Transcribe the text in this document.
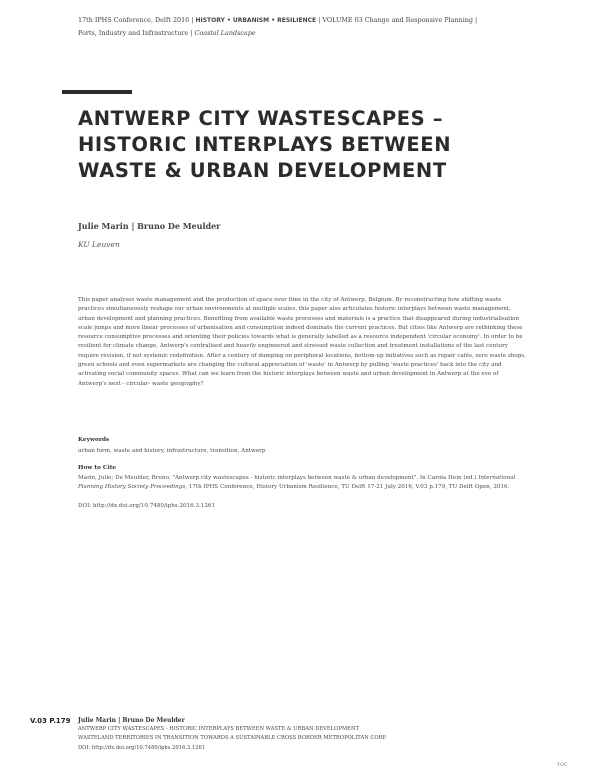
17th IPHS Conference, Delft 2016 | HISTORY • URBANISM • RESILIENCE | VOLUME 03 Change and Responsive Planning |
Ports, Industry and Infrastructure | Coastal Landscape
ANTWERP CITY WASTESCAPES –
HISTORIC INTERPLAYS BETWEEN
WASTE & URBAN DEVELOPMENT
Julie Marin | Bruno De Meulder
KU Leuven

This paper analyses waste management and the production of space over time in the city of Antwerp, Belgium. By reconstructing how shifting waste practices simultaneously reshape our urban environments at multiple scales, this paper also articulates historic interplays between waste management, urban development and planning practices. Benefiting from available waste processes and materials is a practice that disappeared during industrialisation scale jumps and more linear processes of urbanisation and consumption indeed dominate the current practices. But cities like Antwerp are rethinking these resource consumptive processes and orienting their policies towards what is generally labelled as a resource independent 'circular economy'. In order to be resilient for climate change, Antwerp's centralised and heavily engineered and stressed waste collection and treatment installations of the last century require revision, if not systemic redefinition. After a century of dumping on peripheral locations, bottom-up initiatives such as repair cafés, zero waste shops, green schools and even supermarkets are changing the cultural appreciation of 'waste' in Antwerp by pulling 'waste practices' back into the city and activating social community spaces. What can we learn from the historic interplays between waste and urban development in Antwerp at the eve of Antwerp's next - circular- waste geography?

Keywords

urban form, waste and history, infrastructure, transition, Antwerp

How to Cite

Marin, Julie; De Meulder, Bruno. "Antwerp city wastescapes - historic interplays between waste & urban development". In Carola Hein (ed.) International Planning History Society Proceedings, 17th IPHS Conference, History Urbanism Resilience, TU Delft 17-21 July 2016, V.03 p.179, TU Delft Open, 2016.

DOI: http://dx.doi.org/10.7480/iphs.2016.3.1261
V.03 P.179 Julie Marin | Bruno De Meulder
ANTWERP CITY WASTESCAPES - HISTORIC INTERPLAYS BETWEEN WASTE & URBAN DEVELOPMENT
WASTELAND TERRITORIES IN TRANSITION TOWARDS A SUSTAINABLE CROSS BORDER METROPOLITAN CORE
DOI: http://dx.doi.org/10.7480/iphs.2016.3.1261
TOC
